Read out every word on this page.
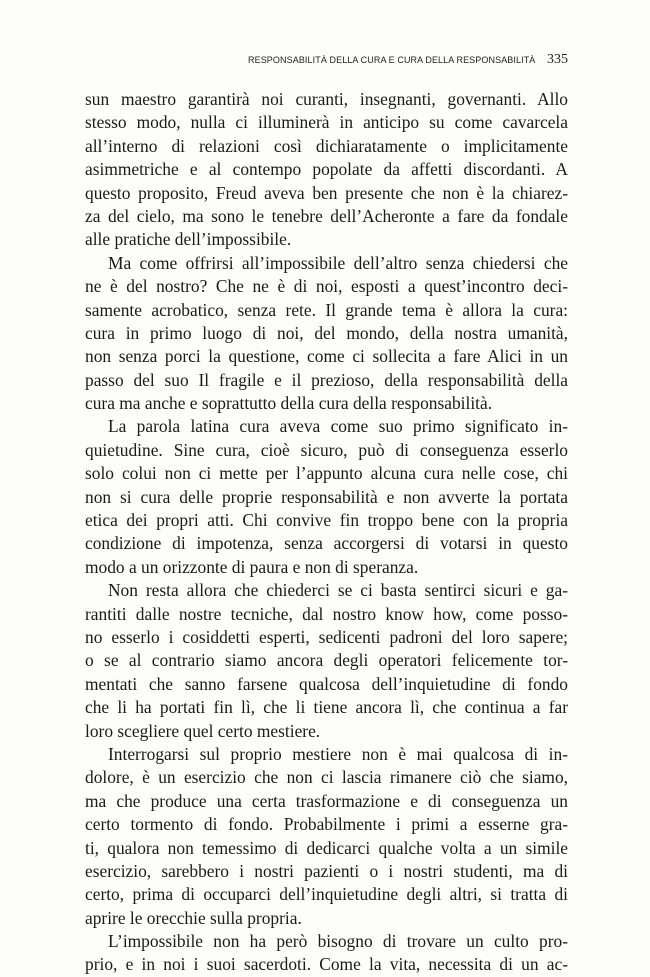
RESPONSABILITÀ DELLA CURA E CURA DELLA RESPONSABILITÀ 335
sun maestro garantirà noi curanti, insegnanti, governanti. Allo
stesso modo, nulla ci illuminerà in anticipo su come cavarcela
all’interno di relazioni così dichiaratamente o implicitamente
asimmetriche e al contempo popolate da affetti discordanti. A
questo proposito, Freud aveva ben presente che non è la chiarez-
za del cielo, ma sono le tenebre dell’Acheronte a fare da fondale
alle pratiche dell’impossibile.
Ma come offrirsi all’impossibile dell’altro senza chiedersi che
ne è del nostro? Che ne è di noi, esposti a quest’incontro deci-
samente acrobatico, senza rete. Il grande tema è allora la cura:
cura in primo luogo di noi, del mondo, della nostra umanità,
non senza porci la questione, come ci sollecita a fare Alici in un
passo del suo Il fragile e il prezioso, della responsabilità della
cura ma anche e soprattutto della cura della responsabilità.
La parola latina cura aveva come suo primo significato in-
quietudine. Sine cura, cioè sicuro, può di conseguenza esserlo
solo colui non ci mette per l’appunto alcuna cura nelle cose, chi
non si cura delle proprie responsabilità e non avverte la portata
etica dei propri atti. Chi convive fin troppo bene con la propria
condizione di impotenza, senza accorgersi di votarsi in questo
modo a un orizzonte di paura e non di speranza.
Non resta allora che chiederci se ci basta sentirci sicuri e ga-
rantiti dalle nostre tecniche, dal nostro know how, come posso-
no esserlo i cosiddetti esperti, sedicenti padroni del loro sapere;
o se al contrario siamo ancora degli operatori felicemente tor-
mentati che sanno farsene qualcosa dell’inquietudine di fondo
che li ha portati fin lì, che li tiene ancora lì, che continua a far
loro scegliere quel certo mestiere.
Interrogarsi sul proprio mestiere non è mai qualcosa di in-
dolore, è un esercizio che non ci lascia rimanere ciò che siamo,
ma che produce una certa trasformazione e di conseguenza un
certo tormento di fondo. Probabilmente i primi a esserne gra-
ti, qualora non temessimo di dedicarci qualche volta a un simile
esercizio, sarebbero i nostri pazienti o i nostri studenti, ma di
certo, prima di occuparci dell’inquietudine degli altri, si tratta di
aprire le orecchie sulla propria.
L’impossibile non ha però bisogno di trovare un culto pro-
prio, e in noi i suoi sacerdoti. Come la vita, necessita di un ac-
